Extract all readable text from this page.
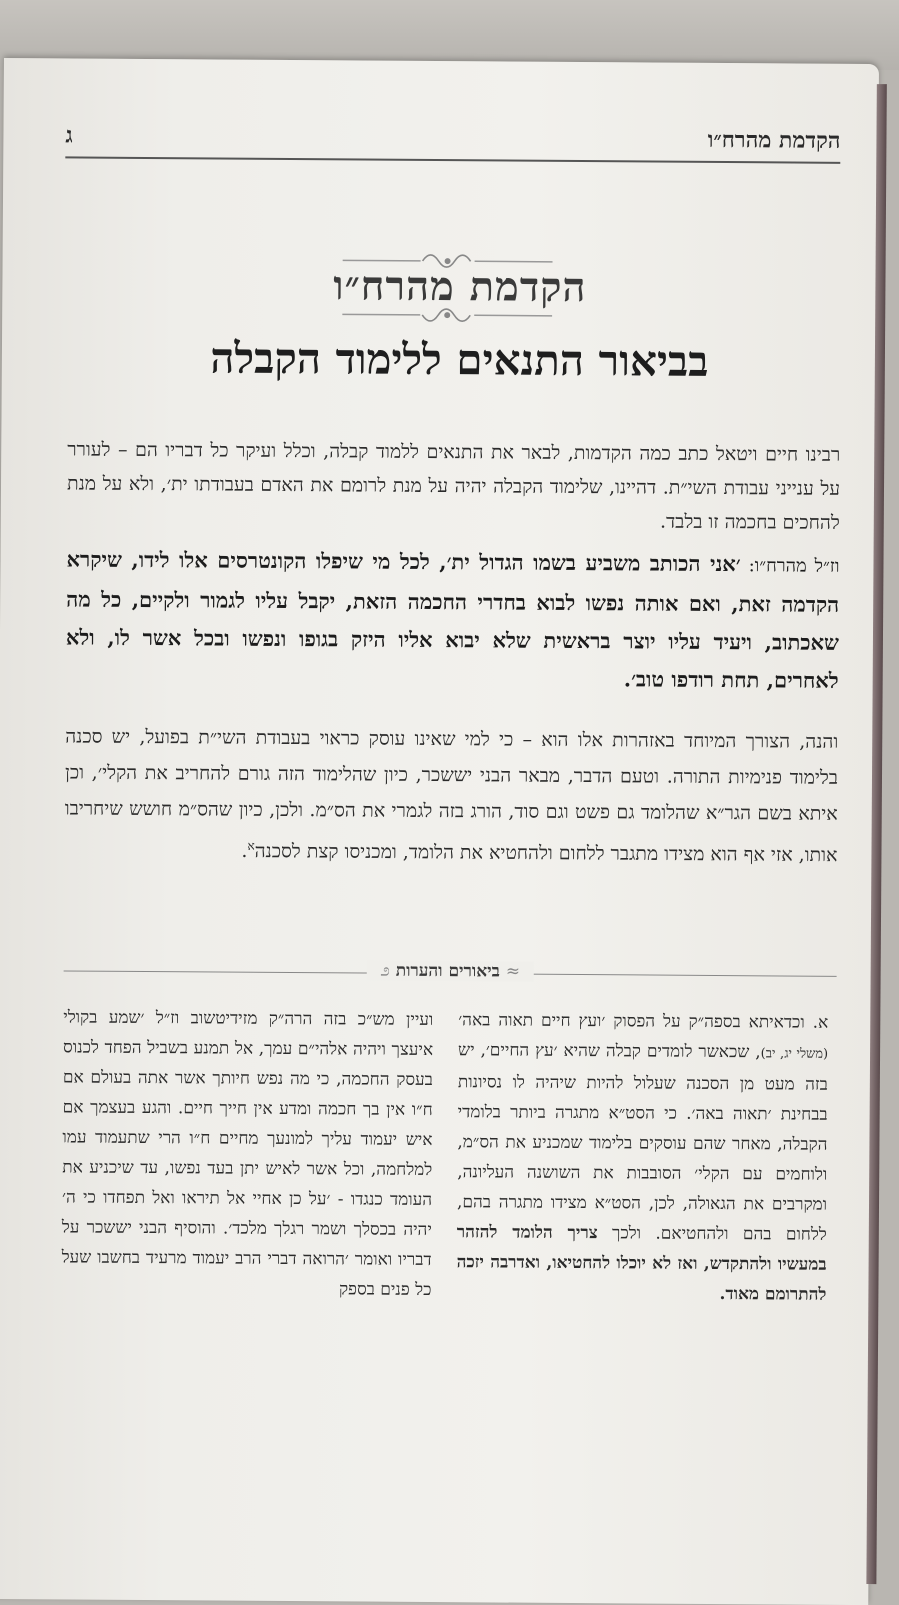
הקדמת מהרח״ו
ג
הקדמת מהרח״ו
בביאור התנאים ללימוד הקבלה
רבינו חיים ויטאל כתב כמה הקדמות, לבאר את התנאים ללמוד קבלה, וכלל ועיקר כל דבריו הם – לעורר על ענייני עבודת השי״ת. דהיינו, שלימוד הקבלה יהיה על מנת לרומם את האדם בעבודתו ית׳, ולא על מנת להחכים בחכמה זו בלבד.
וז״ל מהרח״ו: ׳אני הכותב משביע בשמו הגדול ית׳, לכל מי שיפלו הקונטרסים אלו לידו, שיקרא הקדמה זאת, ואם אותה נפשו לבוא בחדרי החכמה הזאת, יקבל עליו לגמור ולקיים, כל מה שאכתוב, ויעיד עליו יוצר בראשית שלא יבוא אליו היזק בגופו ונפשו ובכל אשר לו, ולא לאחרים, תחת רודפו טוב׳.
והנה, הצורך המיוחד באזהרות אלו הוא – כי למי שאינו עוסק כראוי בעבודת השי״ת בפועל, יש סכנה בלימוד פנימיות התורה. וטעם הדבר, מבאר הבני יששכר, כיון שהלימוד הזה גורם להחריב את הקלי׳, וכן איתא בשם הגר״א שהלומד גם פשט וגם סוד, הורג בזה לגמרי את הס״מ. ולכן, כיון שהס״מ חושש שיחריבו אותו, אזי אף הוא מצידו מתגבר ללחום ולהחטיא את הלומד, ומכניסו קצת לסכנה$^א$.
≈ ביאורים והערות ೨
א. וכדאיתא בספה״ק על הפסוק ׳ועץ חיים תאוה באה׳ (משלי יג, יב), שכאשר לומדים קבלה שהיא ׳עץ החיים׳, יש בזה מעט מן הסכנה שעלול להיות שיהיה לו נסיונות בבחינת ׳תאוה באה׳. כי הסט״א מתגרה ביותר בלומדי הקבלה, מאחר שהם עוסקים בלימוד שמכניע את הס״מ, ולוחמים עם הקלי׳ הסובבות את השושנה העליונה, ומקרבים את הגאולה, לכן, הסט״א מצידו מתגרה בהם, ללחום בהם ולהחטיאם. ולכך צריך הלומד להזהר במעשיו ולהתקדש, ואז לא יוכלו להחטיאו, ואדרבה יזכה להתרומם מאוד.
ועיין מש״כ בזה הרה״ק מזידיטשוב וז״ל ׳שמע בקולי איעצך ויהיה אלהי״ם עמך, אל תמנע בשביל הפחד לכנוס בעסק החכמה, כי מה נפש חיותך אשר אתה בעולם אם ח״ו אין בך חכמה ומדע אין חייך חיים. והגע בעצמך אם איש יעמוד עליך למונעך מחיים ח״ו הרי שתעמוד עמו למלחמה, וכל אשר לאיש יתן בעד נפשו, עד שיכניע את העומד כנגדו - ׳על כן אחיי אל תיראו ואל תפחדו כי ה׳ יהיה בכסלך ושמר רגלך מלכד׳. והוסיף הבני יששכר על דבריו ואומר ׳הרואה דברי הרב יעמוד מרעיד בחשבו שעל כל פנים בספק
